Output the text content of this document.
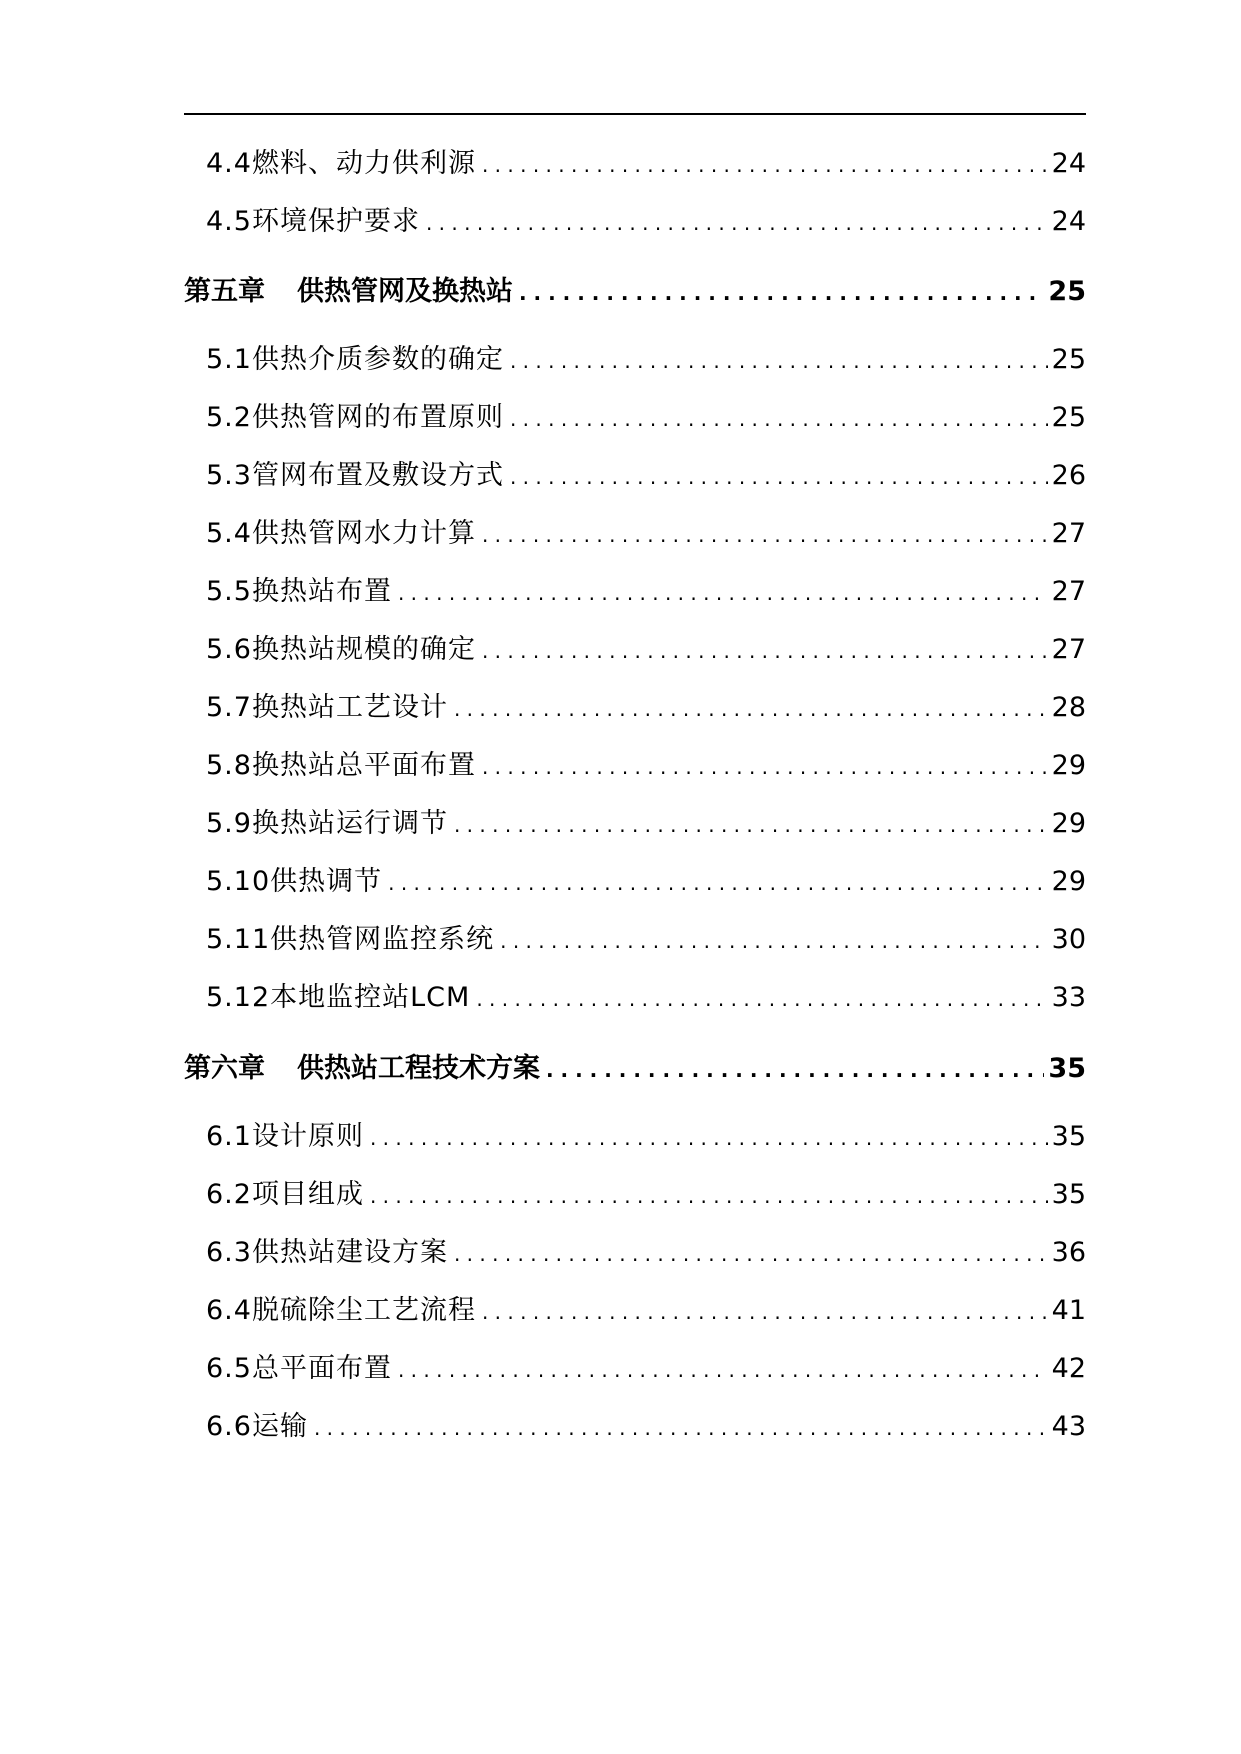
4.4燃料、动力供利源 . . .	24
4.5环境保护要求 . . .	24
第五章 供热管网及换热站 . . .	25
5.1供热介质参数的确定 . . .	25
5.2供热管网的布置原则 . . .	25
5.3管网布置及敷设方式 . . .	26
5.4供热管网水力计算 . . .	27
5.5换热站布置 . . .	27
5.6换热站规模的确定 . . .	27
5.7换热站工艺设计 . . .	28
5.8换热站总平面布置 . . .	29
5.9换热站运行调节 . . .	29
5.10供热调节 . . .	29
5.11供热管网监控系统 . . .	30
5.12本地监控站LCM . . .	33
第六章 供热站工程技术方案 . . .	35
6.1设计原则 . . .	35
6.2项目组成 . . .	35
6.3供热站建设方案 . . .	36
6.4脱硫除尘工艺流程 . . .	41
6.5总平面布置 . . .	42
6.6运输 . . .	43
